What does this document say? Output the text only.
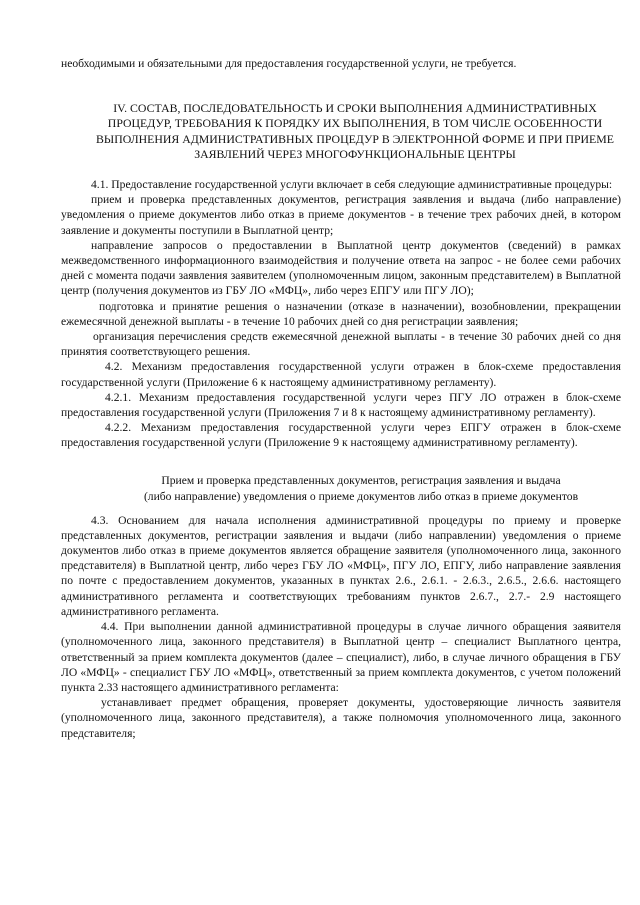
необходимыми и обязательными для предоставления государственной услуги, не требуется.

IV. СОСТАВ, ПОСЛЕДОВАТЕЛЬНОСТЬ И СРОКИ ВЫПОЛНЕНИЯ АДМИНИСТРАТИВНЫХ ПРОЦЕДУР, ТРЕБОВАНИЯ К ПОРЯДКУ ИХ ВЫПОЛНЕНИЯ, В ТОМ ЧИСЛЕ ОСОБЕННОСТИ ВЫПОЛНЕНИЯ АДМИНИСТРАТИВНЫХ ПРОЦЕДУР В ЭЛЕКТРОННОЙ ФОРМЕ И ПРИ ПРИЕМЕ ЗАЯВЛЕНИЙ ЧЕРЕЗ МНОГОФУНКЦИОНАЛЬНЫЕ ЦЕНТРЫ

4.1. Предоставление государственной услуги включает в себя следующие административные процедуры:

прием и проверка представленных документов, регистрация заявления и выдача (либо направление) уведомления о приеме документов либо отказ в приеме документов - в течение трех рабочих дней, в котором заявление и документы поступили в Выплатной центр;

направление запросов о предоставлении в Выплатной центр документов (сведений) в рамках межведомственного информационного взаимодействия и получение ответа на запрос - не более семи рабочих дней с момента подачи заявления заявителем (уполномоченным лицом, законным представителем) в Выплатной центр (получения документов из ГБУ ЛО «МФЦ», либо через ЕПГУ или ПГУ ЛО);

подготовка и принятие решения о назначении (отказе в назначении), возобновлении, прекращении ежемесячной денежной выплаты - в течение 10 рабочих дней со дня регистрации заявления;

организация перечисления средств ежемесячной денежной выплаты - в течение 30 рабочих дней со дня принятия соответствующего решения.

4.2. Механизм предоставления государственной услуги отражен в блок-схеме предоставления государственной услуги (Приложение 6 к настоящему административному регламенту).

4.2.1. Механизм предоставления государственной услуги через ПГУ ЛО отражен в блок-схеме предоставления государственной услуги (Приложения 7 и 8 к настоящему административному регламенту).

4.2.2. Механизм предоставления государственной услуги через ЕПГУ отражен в блок-схеме предоставления государственной услуги (Приложение 9 к настоящему административному регламенту).

Прием и проверка представленных документов, регистрация заявления и выдача
(либо направление) уведомления о приеме документов либо отказ в приеме документов

4.3. Основанием для начала исполнения административной процедуры по приему и проверке представленных документов, регистрации заявления и выдачи (либо направлении) уведомления о приеме документов либо отказ в приеме документов является обращение заявителя (уполномоченного лица, законного представителя) в Выплатной центр, либо через ГБУ ЛО «МФЦ», ПГУ ЛО, ЕПГУ, либо направление заявления по почте с предоставлением документов, указанных в пунктах 2.6., 2.6.1. - 2.6.3., 2.6.5., 2.6.6. настоящего административного регламента и соответствующих требованиям пунктов 2.6.7., 2.7.- 2.9 настоящего административного регламента.

4.4. При выполнении данной административной процедуры в случае личного обращения заявителя (уполномоченного лица, законного представителя) в Выплатной центр – специалист Выплатного центра, ответственный за прием комплекта документов (далее – специалист), либо, в случае личного обращения в ГБУ ЛО «МФЦ» - специалист ГБУ ЛО «МФЦ», ответственный за прием комплекта документов, с учетом положений пункта 2.33 настоящего административного регламента:

устанавливает предмет обращения, проверяет документы, удостоверяющие личность заявителя (уполномоченного лица, законного представителя), а также полномочия уполномоченного лица, законного представителя;
